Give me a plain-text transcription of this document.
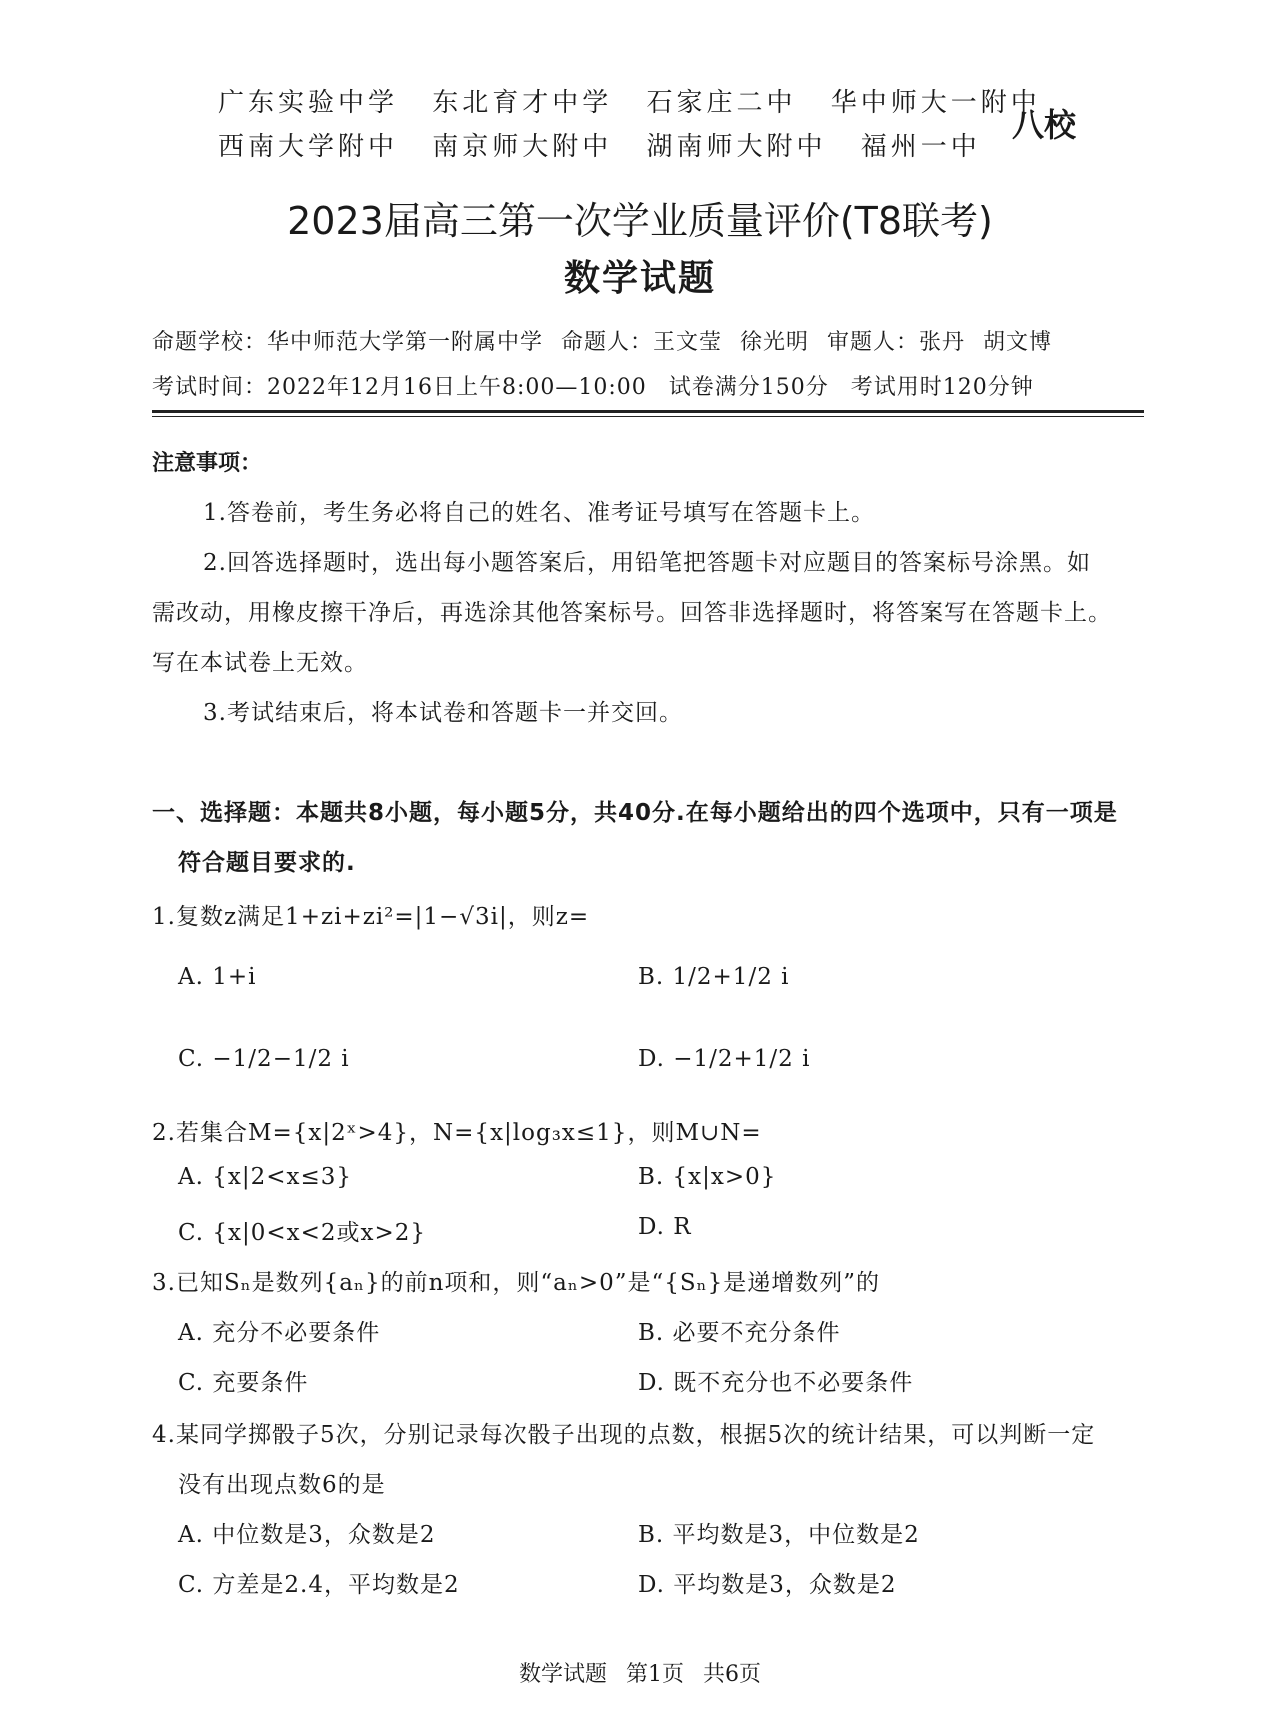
广东实验中学 东北育才中学 石家庄二中 华中师大一附中
西南大学附中 南京师大附中 湖南师大附中 福州一中
八校
2023届高三第一次学业质量评价(T8联考)
数学试题
命题学校：华中师范大学第一附属中学 命题人：王文莹 徐光明 审题人：张丹 胡文博
考试时间：2022年12月16日上午8:00—10:00 试卷满分150分 考试用时120分钟
注意事项：
1.答卷前，考生务必将自己的姓名、准考证号填写在答题卡上。
2.回答选择题时，选出每小题答案后，用铅笔把答题卡对应题目的答案标号涂黑。如
需改动，用橡皮擦干净后，再选涂其他答案标号。回答非选择题时，将答案写在答题卡上。
写在本试卷上无效。
3.考试结束后，将本试卷和答题卡一并交回。
一、选择题：本题共8小题，每小题5分，共40分.在每小题给出的四个选项中，只有一项是
符合题目要求的.
1.复数z满足1+zi+zi²=|1−√3i|，则z=
A. 1+i	B. 1/2+1/2 i
C. −1/2−1/2 i	D. −1/2+1/2 i
2.若集合M={x|2ˣ>4}，N={x|log₃x≤1}，则M∪N=
A. {x|2<x≤3}	B. {x|x>0}
C. {x|0<x<2或x>2}	D. R
3.已知Sₙ是数列{aₙ}的前n项和，则“aₙ>0”是“{Sₙ}是递增数列”的
A. 充分不必要条件	B. 必要不充分条件
C. 充要条件	D. 既不充分也不必要条件
4.某同学掷骰子5次，分别记录每次骰子出现的点数，根据5次的统计结果，可以判断一定
没有出现点数6的是
A. 中位数是3，众数是2	B. 平均数是3，中位数是2
C. 方差是2.4，平均数是2	D. 平均数是3，众数是2
数学试题 第1页 共6页
